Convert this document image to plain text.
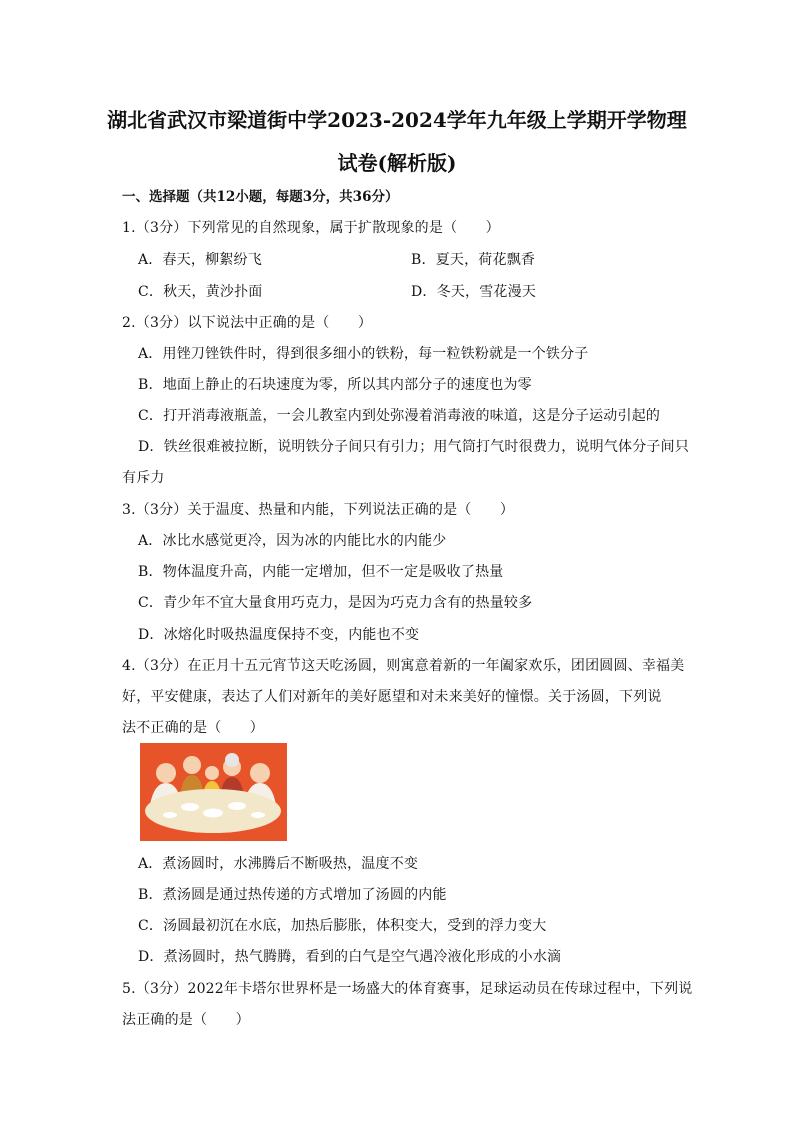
湖北省武汉市梁道街中学2023-2024学年九年级上学期开学物理
试卷(解析版)
一、选择题（共12小题，每题3分，共36分）
1.（3分）下列常见的自然现象，属于扩散现象的是（　　）
A．春天，柳絮纷飞	B．夏天，荷花飘香
C．秋天，黄沙扑面	D．冬天，雪花漫天
2.（3分）以下说法中正确的是（　　）
A．用锉刀锉铁件时，得到很多细小的铁粉，每一粒铁粉就是一个铁分子
B．地面上静止的石块速度为零，所以其内部分子的速度也为零
C．打开消毒液瓶盖，一会儿教室内到处弥漫着消毒液的味道，这是分子运动引起的
D．铁丝很难被拉断，说明铁分子间只有引力；用气筒打气时很费力，说明气体分子间只
有斥力
3.（3分）关于温度、热量和内能，下列说法正确的是（　　）
A．冰比水感觉更冷，因为冰的内能比水的内能少
B．物体温度升高，内能一定增加，但不一定是吸收了热量
C．青少年不宜大量食用巧克力，是因为巧克力含有的热量较多
D．冰熔化时吸热温度保持不变，内能也不变
4.（3分）在正月十五元宵节这天吃汤圆，则寓意着新的一年阖家欢乐，团团圆圆、幸福美
好，平安健康，表达了人们对新年的美好愿望和对未来美好的憧憬。关于汤圆，下列说
法不正确的是（　　）
A．煮汤圆时，水沸腾后不断吸热，温度不变
B．煮汤圆是通过热传递的方式增加了汤圆的内能
C．汤圆最初沉在水底，加热后膨胀，体积变大，受到的浮力变大
D．煮汤圆时，热气腾腾，看到的白气是空气遇冷液化形成的小水滴
5.（3分）2022年卡塔尔世界杯是一场盛大的体育赛事，足球运动员在传球过程中，下列说
法正确的是（　　）
